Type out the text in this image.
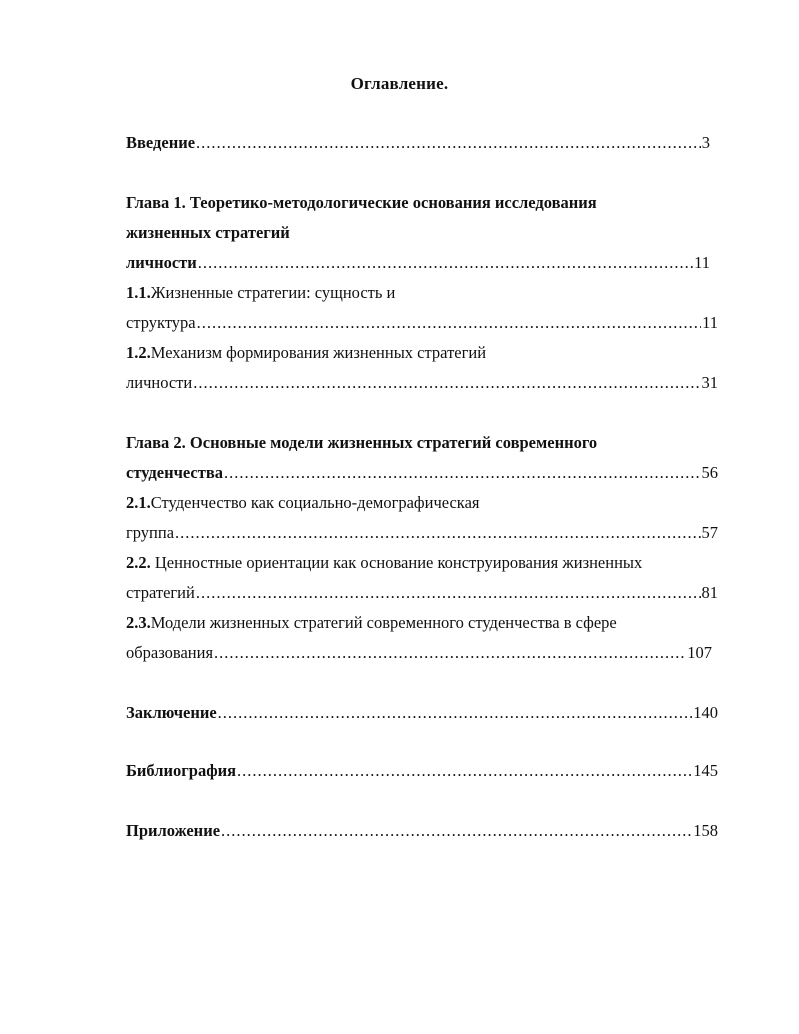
Оглавление.
Введение .....	3
Глава 1. Теоретико-методологические основания исследования
жизненных стратегий
личности .....	11
1.1.Жизненные стратегии: сущность и
структура .....	11
1.2.Механизм формирования жизненных стратегий
личности .....	31
Глава 2. Основные модели жизненных стратегий современного
студенчества .....	56
2.1.Студенчество как социально-демографическая
группа .....	57
2.2. Ценностные ориентации как основание конструирования жизненных
стратегий .....	81
2.3.Модели жизненных стратегий современного студенчества в сфере
образования .....	107
Заключение .....	140
Библиография .....	145
Приложение .....	158
